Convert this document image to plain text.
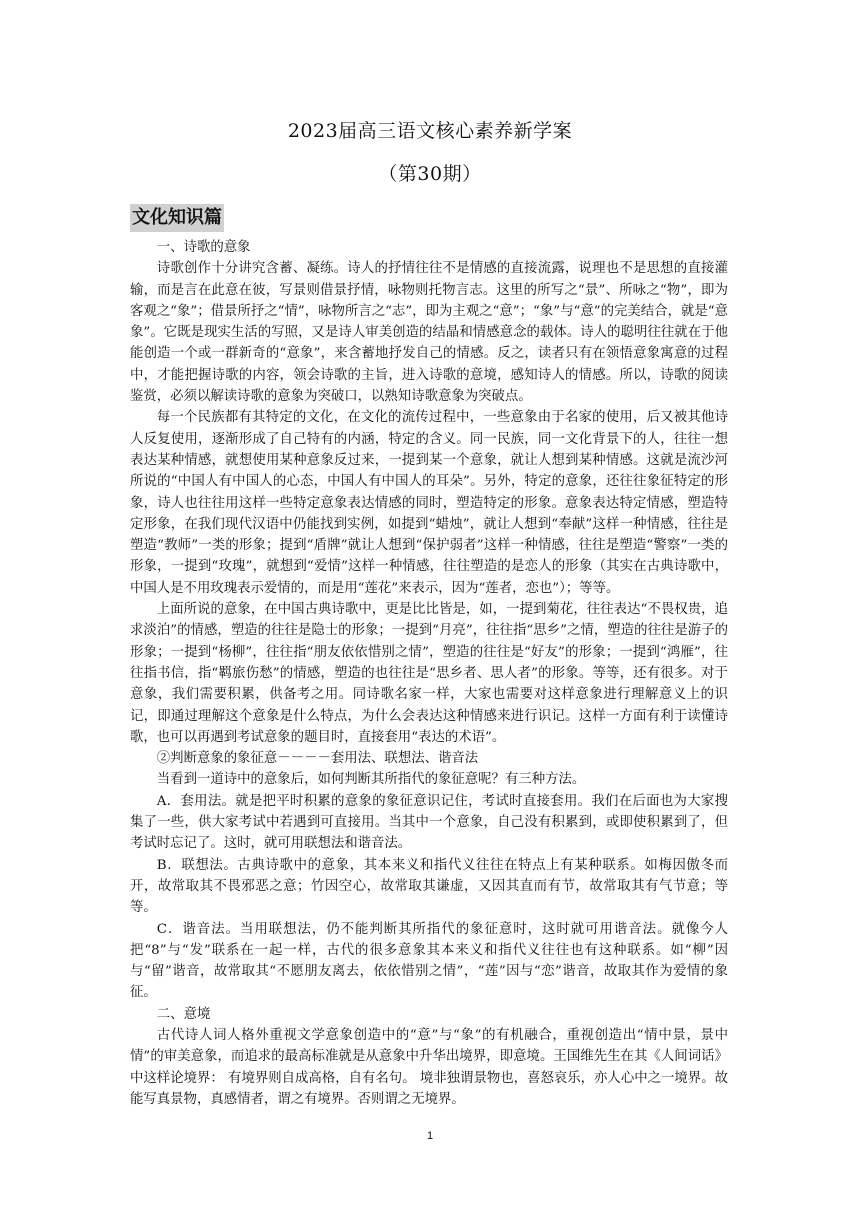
2023届高三语文核心素养新学案
（第30期）
文化知识篇

一、诗歌的意象

诗歌创作十分讲究含蓄、凝练。诗人的抒情往往不是情感的直接流露，说理也不是思想的直接灌输，而是言在此意在彼，写景则借景抒情，咏物则托物言志。这里的所写之“景”、所咏之“物”，即为客观之“象”；借景所抒之“情”，咏物所言之“志”，即为主观之“意”；“象”与“意”的完美结合，就是“意象”。它既是现实生活的写照，又是诗人审美创造的结晶和情感意念的载体。诗人的聪明往往就在于他能创造一个或一群新奇的“意象”，来含蓄地抒发自己的情感。反之，读者只有在领悟意象寓意的过程中，才能把握诗歌的内容，领会诗歌的主旨，进入诗歌的意境，感知诗人的情感。所以，诗歌的阅读鉴赏，必须以解读诗歌的意象为突破口，以熟知诗歌意象为突破点。

每一个民族都有其特定的文化，在文化的流传过程中，一些意象由于名家的使用，后又被其他诗人反复使用，逐渐形成了自己特有的内涵，特定的含义。同一民族，同一文化背景下的人，往往一想表达某种情感，就想使用某种意象反过来，一提到某一个意象，就让人想到某种情感。这就是流沙河所说的“中国人有中国人的心态，中国人有中国人的耳朵”。另外，特定的意象，还往往象征特定的形象，诗人也往往用这样一些特定意象表达情感的同时，塑造特定的形象。意象表达特定情感，塑造特定形象，在我们现代汉语中仍能找到实例，如提到“蜡烛”，就让人想到“奉献”这样一种情感，往往是塑造“教师”一类的形象；提到“盾牌”就让人想到“保护弱者”这样一种情感，往往是塑造“警察”一类的形象，一提到“玫瑰”，就想到“爱情”这样一种情感，往往塑造的是恋人的形象（其实在古典诗歌中，中国人是不用玫瑰表示爱情的，而是用“莲花”来表示，因为“莲者，恋也”）；等等。

上面所说的意象，在中国古典诗歌中，更是比比皆是，如，一提到菊花，往往表达“不畏权贵，追求淡泊”的情感，塑造的往往是隐士的形象；一提到“月亮”，往往指“思乡”之情，塑造的往往是游子的形象；一提到“杨柳”，往往指“朋友依依惜别之情”，塑造的往往是“好友”的形象；一提到“鸿雁”，往往指书信，指“羁旅伤愁”的情感，塑造的也往往是“思乡者、思人者”的形象。等等，还有很多。对于意象，我们需要积累，供备考之用。同诗歌名家一样，大家也需要对这样意象进行理解意义上的识记，即通过理解这个意象是什么特点，为什么会表达这种情感来进行识记。这样一方面有利于读懂诗歌，也可以再遇到考试意象的题目时，直接套用“表达的术语”。

②判断意象的象征意－－－－套用法、联想法、谐音法

当看到一道诗中的意象后，如何判断其所指代的象征意呢？有三种方法。

A．套用法。就是把平时积累的意象的象征意识记住，考试时直接套用。我们在后面也为大家搜集了一些，供大家考试中若遇到可直接用。当其中一个意象，自己没有积累到，或即使积累到了，但考试时忘记了。这时，就可用联想法和谐音法。

B．联想法。古典诗歌中的意象，其本来义和指代义往往在特点上有某种联系。如梅因傲冬而开，故常取其不畏邪恶之意；竹因空心，故常取其谦虚，又因其直而有节，故常取其有气节意；等等。

C．谐音法。当用联想法，仍不能判断其所指代的象征意时，这时就可用谐音法。就像今人把“8”与“发”联系在一起一样，古代的很多意象其本来义和指代义往往也有这种联系。如“柳”因与“留”谐音，故常取其“不愿朋友离去，依依惜别之情”，“莲”因与“恋”谐音，故取其作为爱情的象征。

二、意境

古代诗人词人格外重视文学意象创造中的“意”与“象”的有机融合，重视创造出“情中景，景中情”的审美意象，而追求的最高标准就是从意象中升华出境界，即意境。王国维先生在其《人间词话》中这样论境界： 有境界则自成高格，自有名句。 境非独谓景物也，喜怒哀乐，亦人心中之一境界。故能写真景物，真感情者，谓之有境界。否则谓之无境界。

1
